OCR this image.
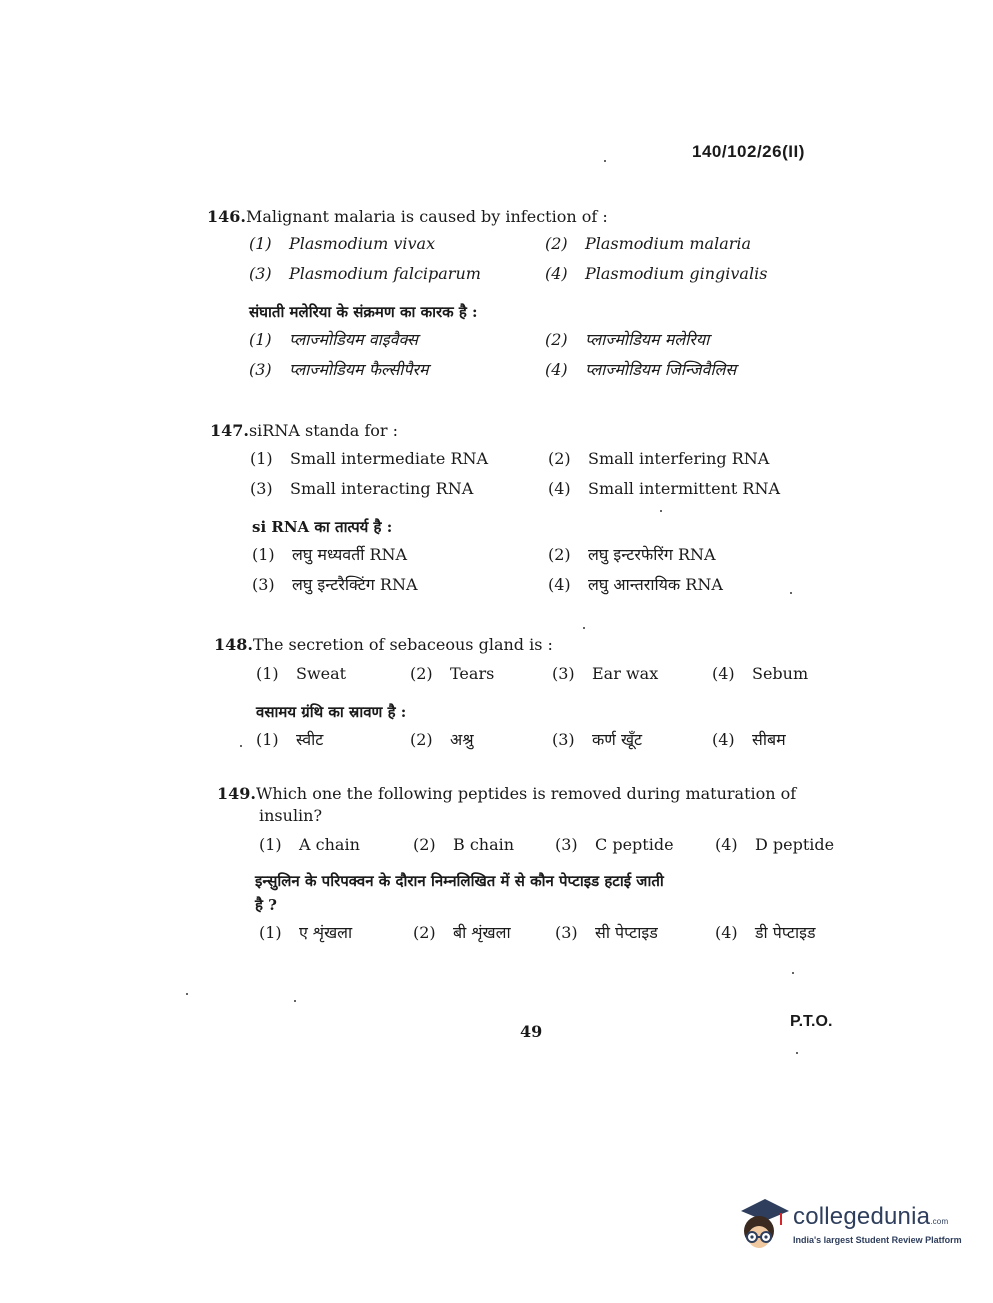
140/102/26(II)
146.Malignant malaria is caused by infection of :
(1) Plasmodium vivax	(2) Plasmodium malaria
(3) Plasmodium falciparum	(4) Plasmodium gingivalis
संघाती मलेरिया के संक्रमण का कारक है :
(1) प्लाज्मोडियम वाइवैक्स	(2) प्लाज्मोडियम मलेरिया
(3) प्लाज्मोडियम फैल्सीपैरम	(4) प्लाज्मोडियम जिन्जिवैलिस
147.siRNA standa for :
(1) Small intermediate RNA	(2) Small interfering RNA
(3) Small interacting RNA	(4) Small intermittent RNA
si RNA का तात्पर्य है :
(1) लघु मध्यवर्ती RNA	(2) लघु इन्टरफेरिंग RNA
(3) लघु इन्टरैक्टिंग RNA	(4) लघु आन्तरायिक RNA
148.The secretion of sebaceous gland is :
(1) Sweat	(2) Tears	(3) Ear wax	(4) Sebum
वसामय ग्रंथि का स्रावण है :
(1) स्वीट	(2) अश्रु	(3) कर्ण खूँट	(4) सीबम
149.Which one the following peptides is removed during maturation of
insulin?
(1) A chain	(2) B chain	(3) C peptide	(4) D peptide
इन्सुलिन के परिपक्वन के दौरान निम्नलिखित में से कौन पेप्टाइड हटाई जाती
है ?
(1) ए शृंखला	(2) बी शृंखला	(3) सी पेप्टाइड	(4) डी पेप्टाइड
49
P.T.O.
collegedunia.com
India's largest Student Review Platform
